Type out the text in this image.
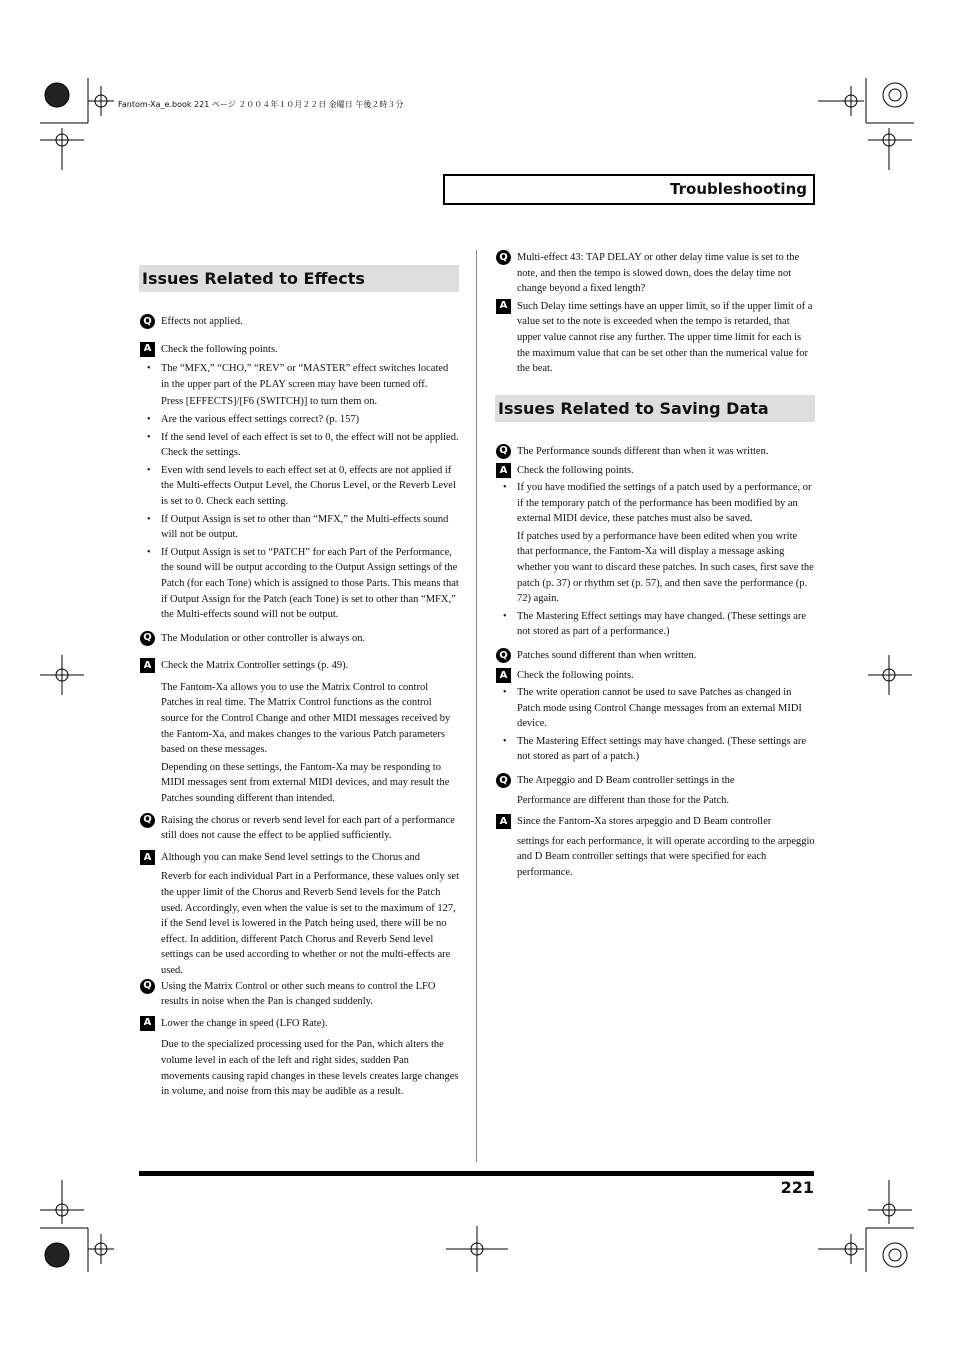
Fantom-Xa_e.book 221 ページ ２００４年１０月２２日 金曜日 午後２時３分
Troubleshooting
Issues Related to Effects
Q Effects not applied.

A Check the following points.

• The “MFX,” “CHO,” “REV” or “MASTER” effect switches located in the upper part of the PLAY screen may have been turned off.

Press [EFFECTS]/[F6 (SWITCH)] to turn them on.

• Are the various effect settings correct? (p. 157)

• If the send level of each effect is set to 0, the effect will not be applied. Check the settings.

• Even with send levels to each effect set at 0, effects are not applied if the Multi-effects Output Level, the Chorus Level, or the Reverb Level is set to 0. Check each setting.

• If Output Assign is set to other than “MFX,” the Multi-effects sound will not be output.

• If Output Assign is set to “PATCH” for each Part of the Performance, the sound will be output according to the Output Assign settings of the Patch (for each Tone) which is assigned to those Parts. This means that if Output Assign for the Patch (each Tone) is set to other than “MFX,” the Multi-effects sound will not be output.

Q The Modulation or other controller is always on.

A Check the Matrix Controller settings (p. 49).

The Fantom-Xa allows you to use the Matrix Control to control Patches in real time. The Matrix Control functions as the control source for the Control Change and other MIDI messages received by the Fantom-Xa, and makes changes to the various Patch parameters based on these messages.

Depending on these settings, the Fantom-Xa may be responding to MIDI messages sent from external MIDI devices, and may result the Patches sounding different than intended.

Q Raising the chorus or reverb send level for each part of a performance still does not cause the effect to be applied sufficiently.

A Although you can make Send level settings to the Chorus and

Reverb for each individual Part in a Performance, these values only set the upper limit of the Chorus and Reverb Send levels for the Patch used. Accordingly, even when the value is set to the maximum of 127, if the Send level is lowered in the Patch being used, there will be no effect. In addition, different Patch Chorus and Reverb Send level settings can be used according to whether or not the multi-effects are used.

Q Using the Matrix Control or other such means to control the LFO results in noise when the Pan is changed suddenly.

A Lower the change in speed (LFO Rate).

Due to the specialized processing used for the Pan, which alters the volume level in each of the left and right sides, sudden Pan movements causing rapid changes in these levels creates large changes in volume, and noise from this may be audible as a result.

Q Multi-effect 43: TAP DELAY or other delay time value is set to the note, and then the tempo is slowed down, does the delay time not change beyond a fixed length?

A Such Delay time settings have an upper limit, so if the upper limit of a value set to the note is exceeded when the tempo is retarded, that upper value cannot rise any further. The upper time limit for each is the maximum value that can be set other than the numerical value for the beat.

Issues Related to Saving Data
Q The Performance sounds different than when it was written.

A Check the following points.

• If you have modified the settings of a patch used by a performance, or if the temporary patch of the performance has been modified by an external MIDI device, these patches must also be saved.

If patches used by a performance have been edited when you write that performance, the Fantom-Xa will display a message asking whether you want to discard these patches. In such cases, first save the patch (p. 37) or rhythm set (p. 57), and then save the performance (p. 72) again.

• The Mastering Effect settings may have changed. (These settings are not stored as part of a performance.)

Q Patches sound different than when written.

A Check the following points.

• The write operation cannot be used to save Patches as changed in Patch mode using Control Change messages from an external MIDI device.

• The Mastering Effect settings may have changed. (These settings are not stored as part of a patch.)

Q The Arpeggio and D Beam controller settings in the

Performance are different than those for the Patch.

A Since the Fantom-Xa stores arpeggio and D Beam controller

settings for each performance, it will operate according to the arpeggio and D Beam controller settings that were specified for each performance.

221
